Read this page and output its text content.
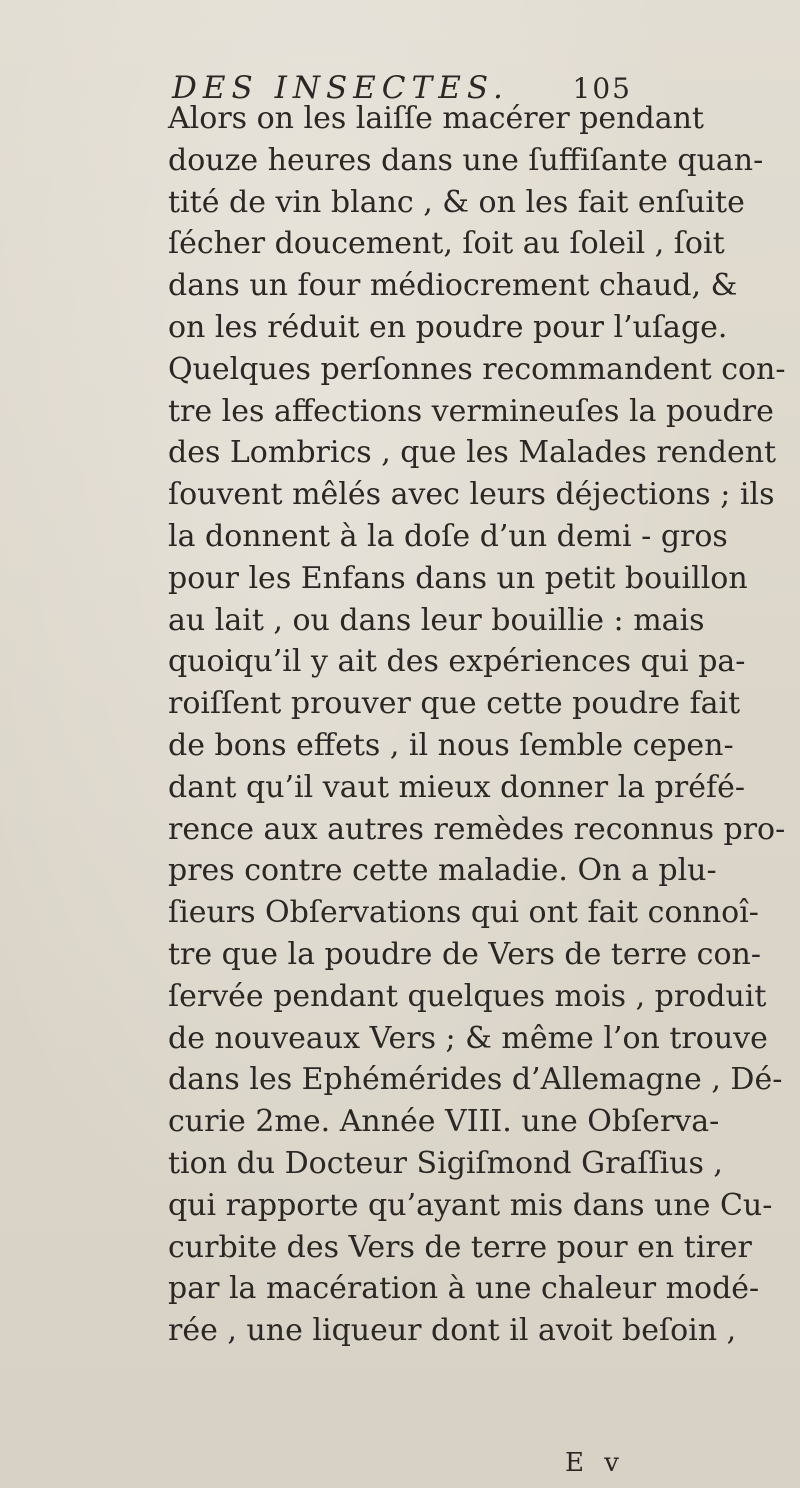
DES INSECTES. 105
Alors on les laiſſe macérer pendant
douze heures dans une ſuffiſante quan-
tité de vin blanc , & on les fait enſuite
ſécher doucement, ſoit au ſoleil , ſoit
dans un four médiocrement chaud, &
on les réduit en poudre pour l’uſage.
Quelques perſonnes recommandent con-
tre les affections vermineuſes la poudre
des Lombrics , que les Malades rendent
ſouvent mêlés avec leurs déjections ; ils
la donnent à la doſe d’un demi - gros
pour les Enfans dans un petit bouillon
au lait , ou dans leur bouillie : mais
quoiqu’il y ait des expériences qui pa-
roiſſent prouver que cette poudre fait
de bons effets , il nous ſemble cepen-
dant qu’il vaut mieux donner la préfé-
rence aux autres remèdes reconnus pro-
pres contre cette maladie. On a plu-
ſieurs Obſervations qui ont fait connoî-
tre que la poudre de Vers de terre con-
ſervée pendant quelques mois , produit
de nouveaux Vers ; & même l’on trouve
dans les Ephémérides d’Allemagne , Dé-
curie 2me. Année VIII. une Obſerva-
tion du Docteur Sigiſmond Graſſius ,
qui rapporte qu’ayant mis dans une Cu-
curbite des Vers de terre pour en tirer
par la macération à une chaleur modé-
rée , une liqueur dont il avoit beſoin ,
E v
